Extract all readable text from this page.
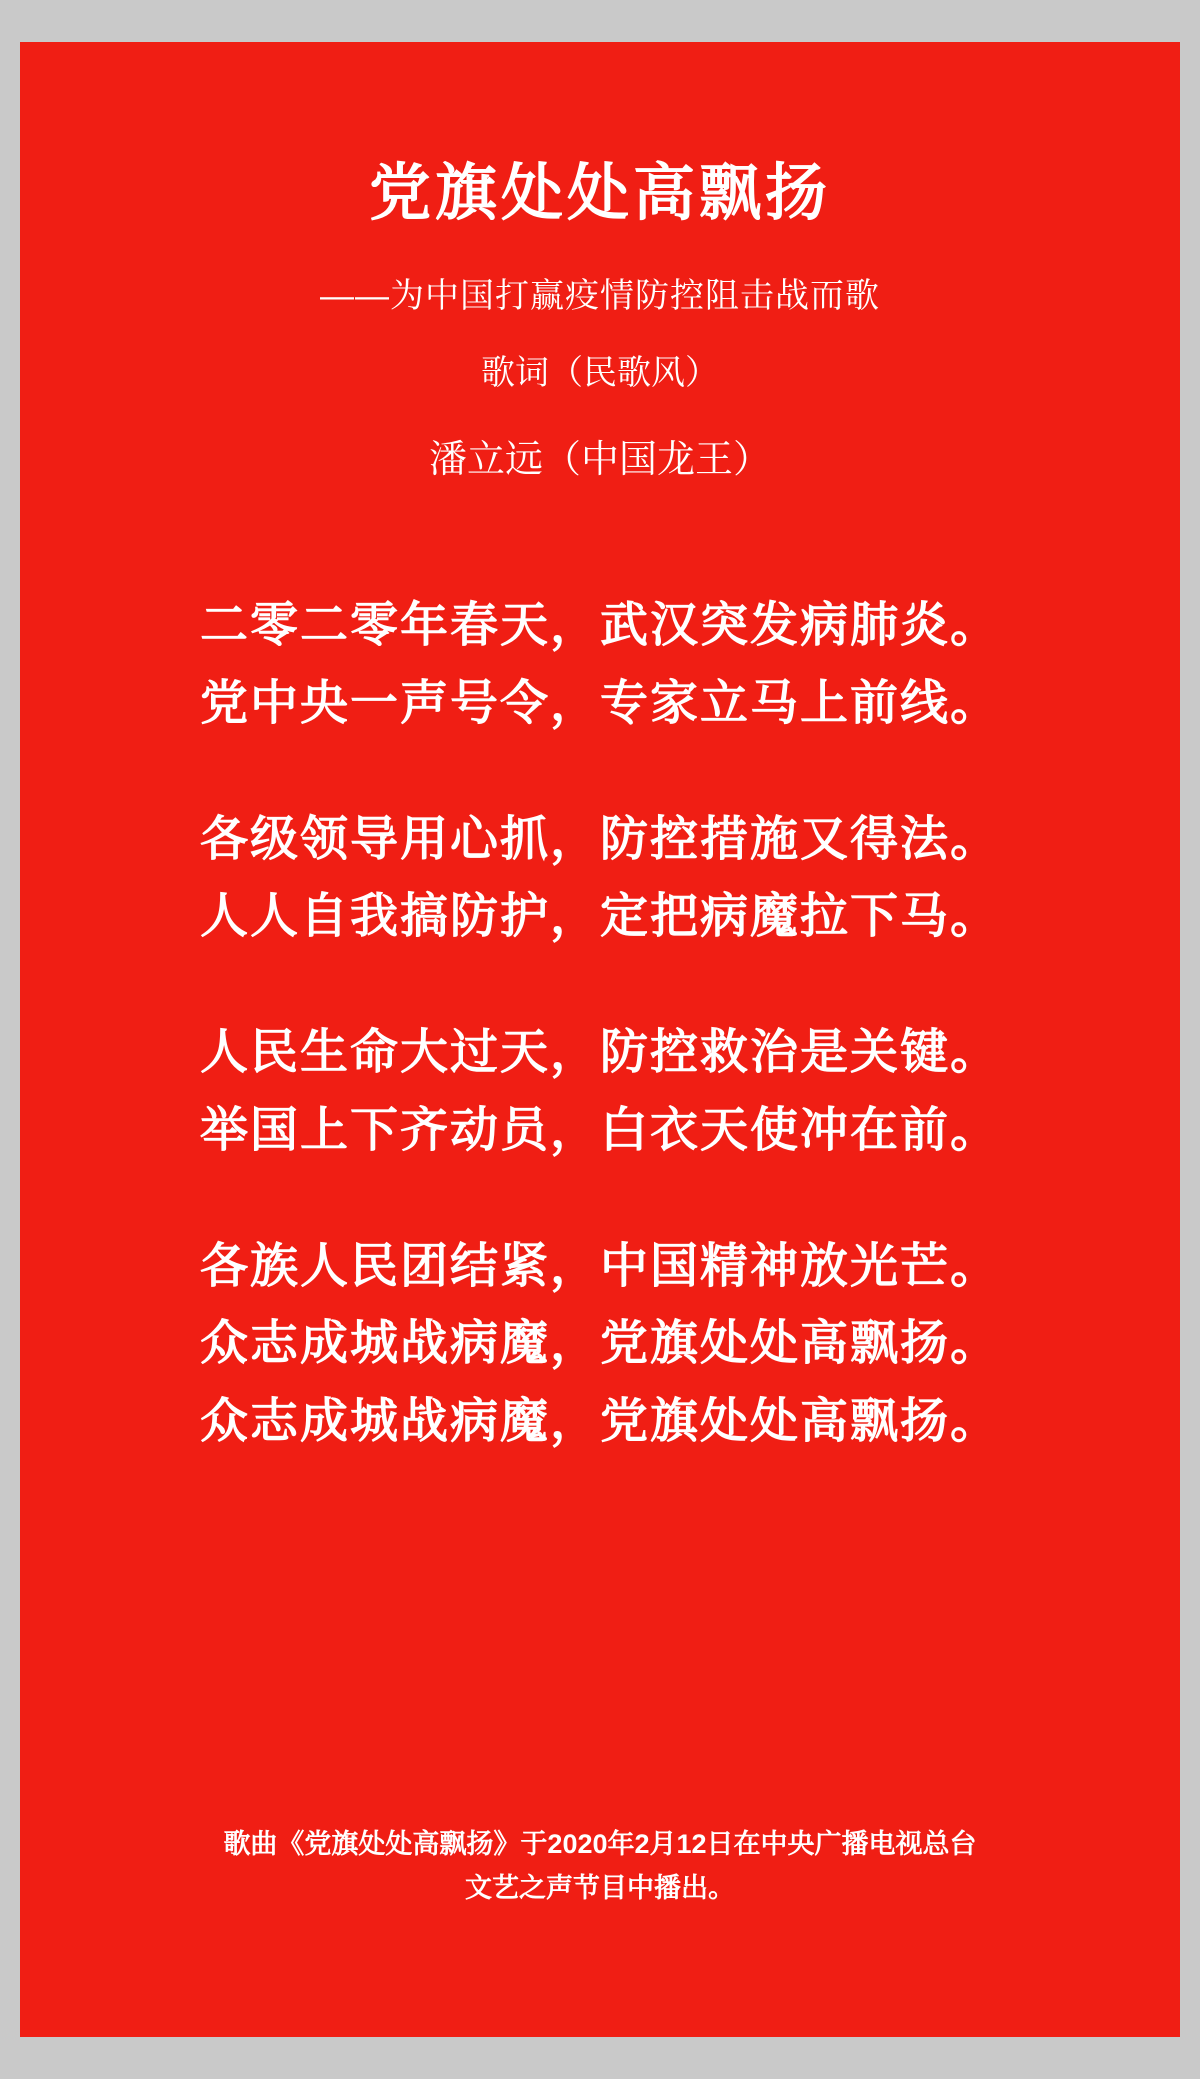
党旗处处高飘扬
——为中国打赢疫情防控阻击战而歌
歌词（民歌风）
潘立远（中国龙王）
二零二零年春天，武汉突发病肺炎。
党中央一声号令，专家立马上前线。
各级领导用心抓，防控措施又得法。
人人自我搞防护，定把病魔拉下马。
人民生命大过天，防控救治是关键。
举国上下齐动员，白衣天使冲在前。
各族人民团结紧，中国精神放光芒。
众志成城战病魔，党旗处处高飘扬。
众志成城战病魔，党旗处处高飘扬。
歌曲《党旗处处高飘扬》于2020年2月12日在中央广播电视总台
文艺之声节目中播出。
